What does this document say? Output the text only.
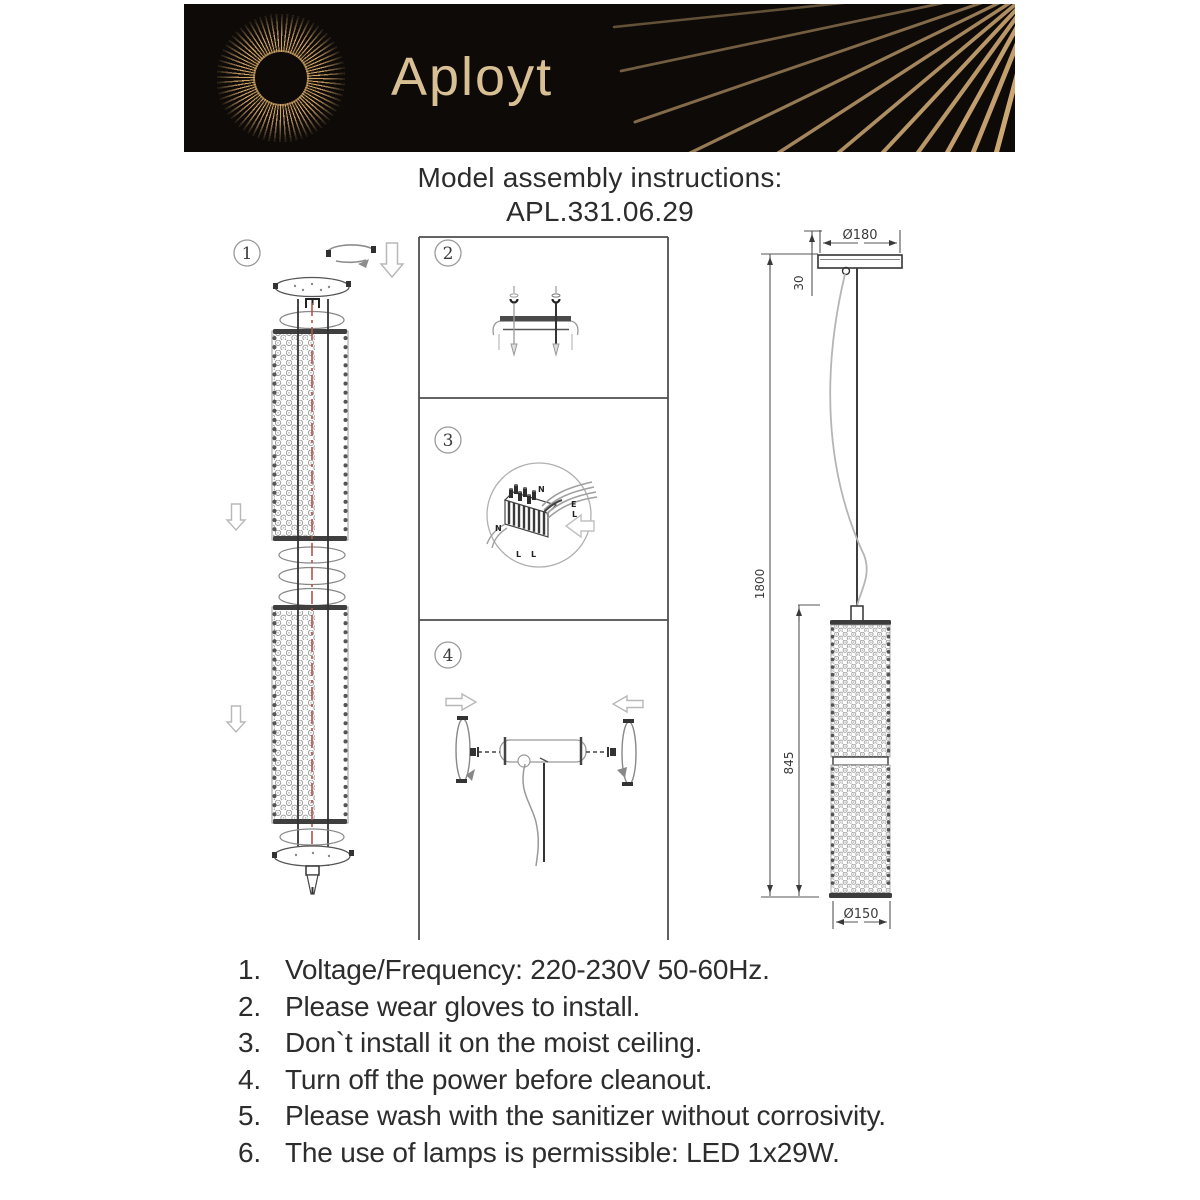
Aployt
Model assembly instructions:
APL.331.06.29
1	2
3
4
N
E
L
N
L L
Ø180
30
1800
845
Ø150
1. Voltage/Frequency: 220-230V 50-60Hz.
2. Please wear gloves to install.
3. Don`t install it on the moist ceiling.
4. Turn off the power before cleanout.
5. Please wash with the sanitizer without corrosivity.
6. The use of lamps is permissible: LED 1x29W.
